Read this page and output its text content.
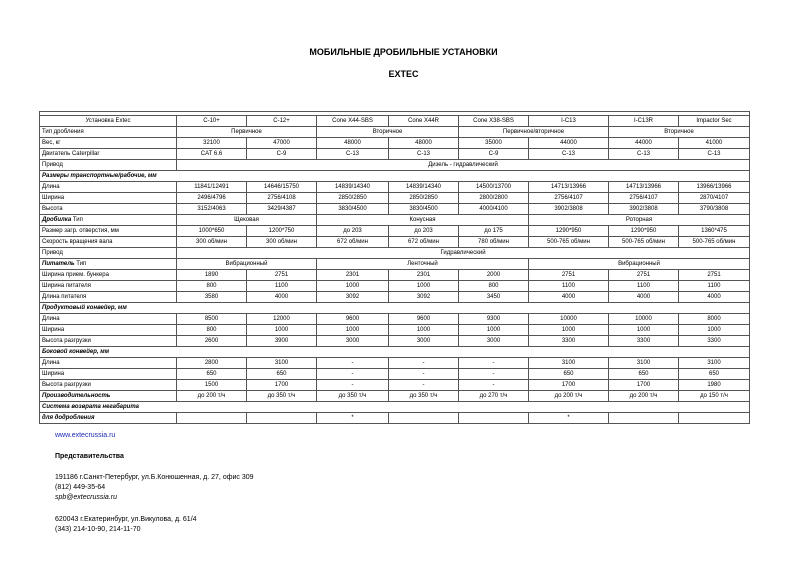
МОБИЛЬНЫЕ ДРОБИЛЬНЫЕ УСТАНОВКИ
EXTEC

Установка Extec	C-10+	C-12+	Cone X44-SBS	Cone X44R	Cone X38-SBS	I-C13	I-C13R	Impactor Sec
Тип дробления	Первичное		Вторичное		Первичное/вторичное		Вторичное	
Вес, кг	32100	47000	48000	48000	35000	44000	44000	41000
Двигатель Caterpillar	CAT 6.6	C-9	C-13	C-13	C-9	C-13	C-13	C-13
Привод	Дизель - гидравлический							
Размеры транспортные/рабочие, мм								
Длина	11841/12491	14646/15750	14839/14340	14839/14340	14500/13700	14713/13966	14713/13966	13966/13966
Ширина	2496/4796	2756/4108	2850/2850	2850/2850	2800/2800	2756/4107	2756/4107	2870/4107
Высота	3152/4063	3429/4387	3830/4500	3830/4500	4000/4100	3902/3808	3902/3808	3790/3808
Дробилка Тип	Щековая		Конусная			Роторная		
Размер загр. отверстия, мм	1000*650	1200*750	до 203	до 203	до 175	1290*950	1290*950	1360*475
Скорость вращения вала	300 об/мин	300 об/мин	672 об/мин	672 об/мин	780 об/мин	500-765 об/мин	500-765 об/мин	500-765 об/мин
Привод	Гидравлический							
Питатель Тип	Вибрационный		Ленточный			Вибрационный		
Ширина прием. бункера	1890	2751	2301	2301	2000	2751	2751	2751
Ширина питателя	800	1100	1000	1000	800	1100	1100	1100
Длина питателя	3580	4000	3092	3092	3450	4000	4000	4000
Продуктовый конвейер, мм								
Длина	8500	12000	9600	9600	9300	10000	10000	8000
Ширина	800	1000	1000	1000	1000	1000	1000	1000
Высота разгрузки	2600	3900	3000	3000	3000	3300	3300	3300
Боковой конвейер, мм								
Длина	2800	3100	-	-	-	3100	3100	3100
Ширина	650	650	-	-	-	650	650	650
Высота разгрузки	1500	1700	-	-	-	1700	1700	1980
Производительность	до 200 т/ч	до 350 т/ч	до 350 т/ч	до 350 т/ч	до 270 т/ч	до 200 т/ч	до 200 т/ч	до 150 т/ч
Система возврата негабарита								
для додробления			*			*		
www.extecrussia.ru
Представительства
191186 г.Санкт-Петербург, ул.Б.Конюшенная, д. 27, офис 309
(812) 449-35-64
spb@extecrussia.ru
620043 г.Екатеринбург, ул.Викулова, д. 61/4
(343) 214-10-90, 214-11-70
